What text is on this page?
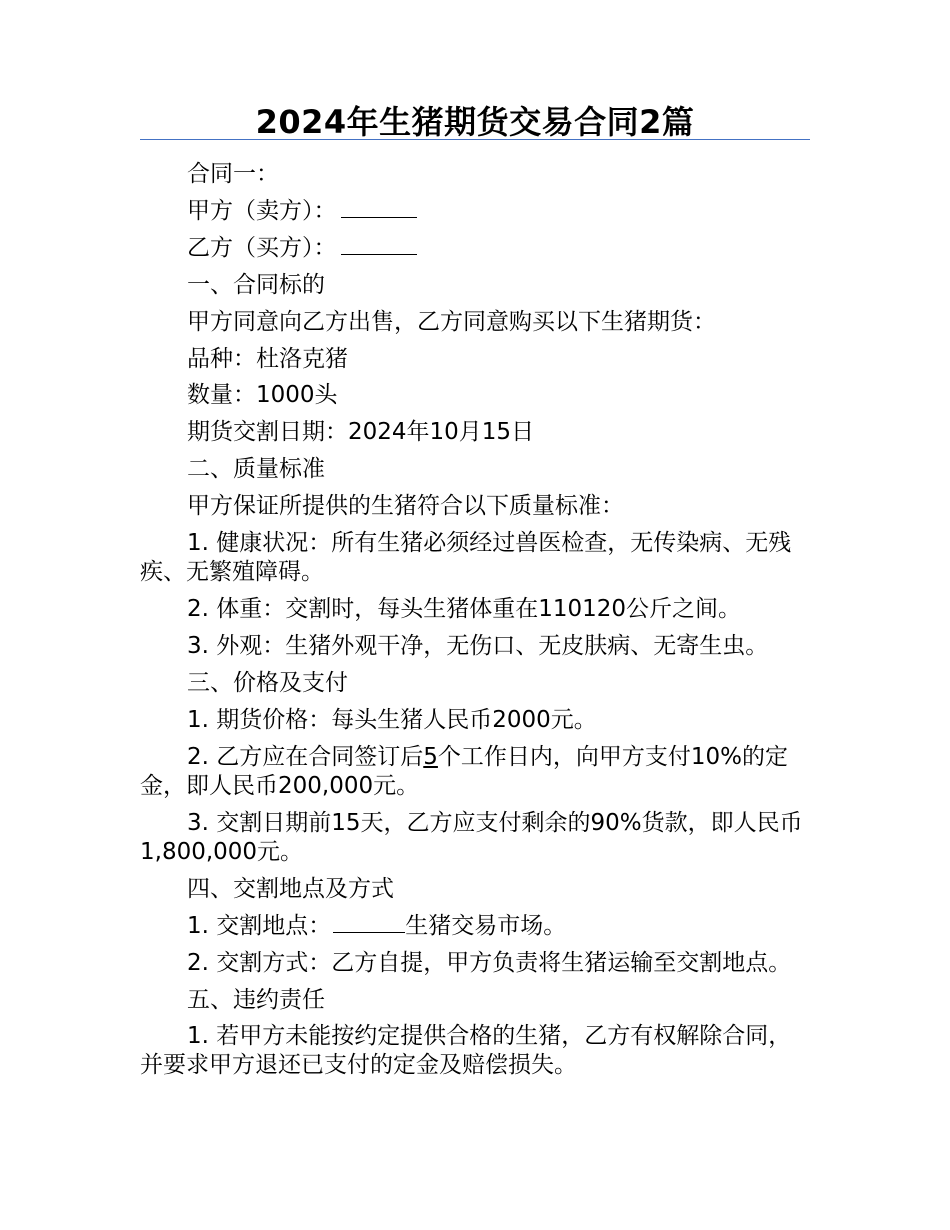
2024年生猪期货交易合同2篇

合同一：

甲方（卖方）：

乙方（买方）：

一、合同标的

甲方同意向乙方出售，乙方同意购买以下生猪期货：

品种：杜洛克猪

数量：1000头

期货交割日期：2024年10月15日

二、质量标准

甲方保证所提供的生猪符合以下质量标准：

1. 健康状况：所有生猪必须经过兽医检查，无传染病、无残疾、无繁殖障碍。

2. 体重：交割时，每头生猪体重在110120公斤之间。

3. 外观：生猪外观干净，无伤口、无皮肤病、无寄生虫。

三、价格及支付

1. 期货价格：每头生猪人民币2000元。

2. 乙方应在合同签订后5个工作日内，向甲方支付10%的定金，即人民币200,000元。

3. 交割日期前15天，乙方应支付剩余的90%货款，即人民币1,800,000元。

四、交割地点及方式

1. 交割地点：	生猪交易市场。

2. 交割方式：乙方自提，甲方负责将生猪运输至交割地点。

五、违约责任

1. 若甲方未能按约定提供合格的生猪，乙方有权解除合同，并要求甲方退还已支付的定金及赔偿损失。
